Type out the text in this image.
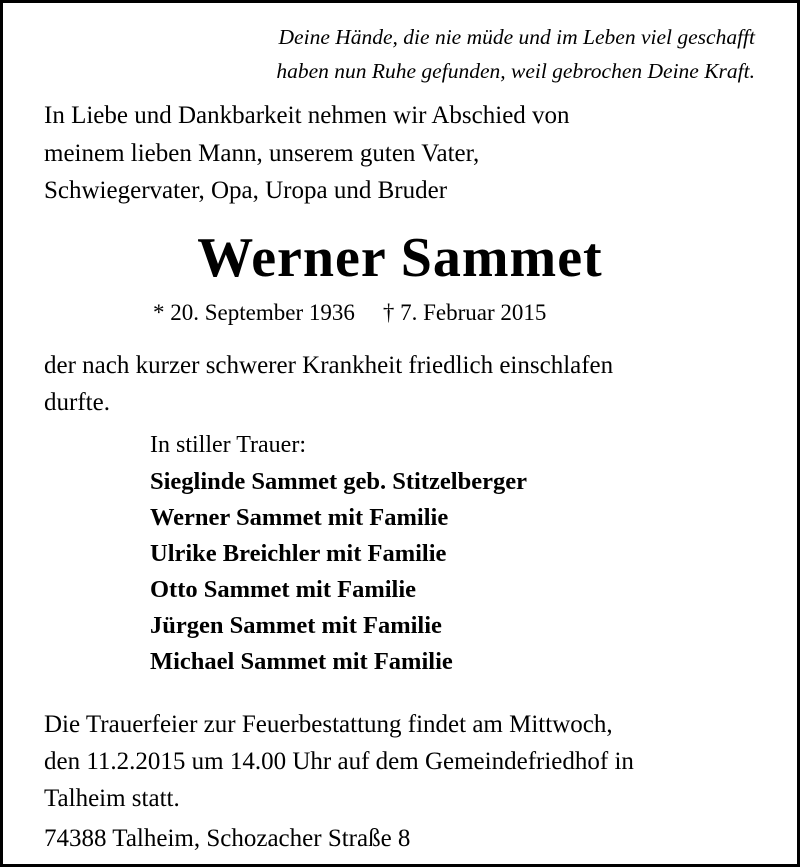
Deine Hände, die nie müde und im Leben viel geschafft
haben nun Ruhe gefunden, weil gebrochen Deine Kraft.
In Liebe und Dankbarkeit nehmen wir Abschied von
meinem lieben Mann, unserem guten Vater,
Schwiegervater, Opa, Uropa und Bruder
Werner Sammet
* 20. September 1936 † 7. Februar 2015
der nach kurzer schwerer Krankheit friedlich einschlafen
durfte.
In stiller Trauer:
Sieglinde Sammet geb. Stitzelberger
Werner Sammet mit Familie
Ulrike Breichler mit Familie
Otto Sammet mit Familie
Jürgen Sammet mit Familie
Michael Sammet mit Familie
Die Trauerfeier zur Feuerbestattung findet am Mittwoch,
den 11.2.2015 um 14.00 Uhr auf dem Gemeindefriedhof in
Talheim statt.
74388 Talheim, Schozacher Straße 8
